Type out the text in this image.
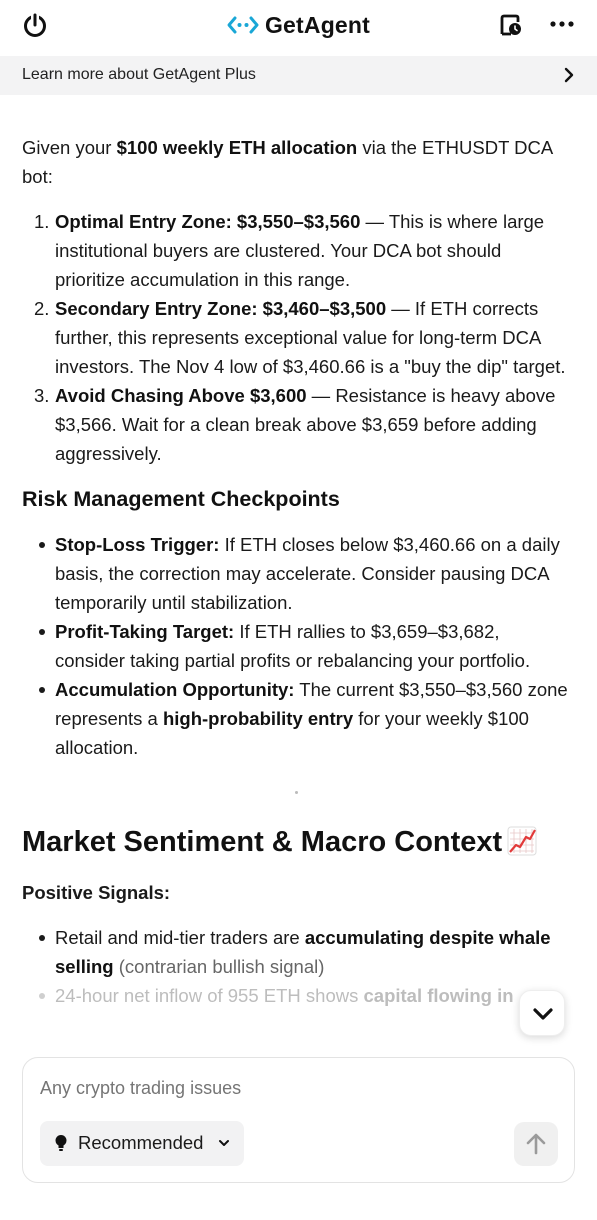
GetAgent
Learn more about GetAgent Plus

Given your $100 weekly ETH allocation via the ETHUSDT DCA bot:

1. Optimal Entry Zone: $3,550–$3,560 — This is where large institutional buyers are clustered. Your DCA bot should prioritize accumulation in this range.
2. Secondary Entry Zone: $3,460–$3,500 — If ETH corrects further, this represents exceptional value for long-term DCA investors. The Nov 4 low of $3,460.66 is a "buy the dip" target.
3. Avoid Chasing Above $3,600 — Resistance is heavy above $3,566. Wait for a clean break above $3,659 before adding aggressively.
Risk Management Checkpoints
Stop-Loss Trigger: If ETH closes below $3,460.66 on a daily basis, the correction may accelerate. Consider pausing DCA temporarily until stabilization.
Profit-Taking Target: If ETH rallies to $3,659–$3,682, consider taking partial profits or rebalancing your portfolio.
Accumulation Opportunity: The current $3,550–$3,560 zone represents a high-probability entry for your weekly $100 allocation.
Market Sentiment & Macro Context
Positive Signals:
Retail and mid-tier traders are accumulating despite whale selling (contrarian bullish signal)
24-hour net inflow of 955 ETH shows capital flowing in
Any crypto trading issues
Recommended
